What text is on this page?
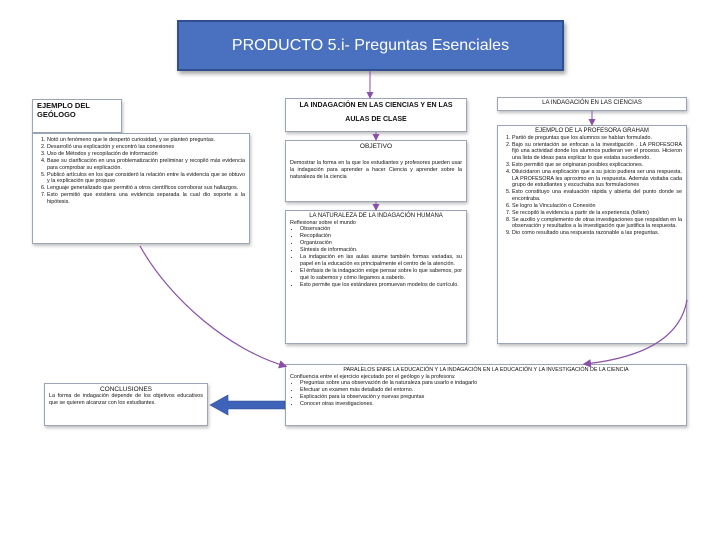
PRODUCTO 5.i- Preguntas Esenciales
EJEMPLO DEL GEÓLOGO
1. Notó un fenómeno que le despertó curiosidad, y se planteó preguntas.
2. Desarrolló una explicación y encontró las conexiones
3. Uso de Métodos y recopilación de información
4. Base su clarificación en una problematización preliminar y recopiló más evidencia para comprobar su explicación.
5. Publicó artículos en los que consideró la relación entre la evidencia que se obtuvo y la explicación que propuso
6. Lenguaje generalizado que permitió a otros científicos corroborar sus hallazgos.
7. Esto permitió que existiera una evidencia separada la cual dio soporte a la hipótesis.
LA INDAGACIÓN EN LAS CIENCIAS Y EN LAS
AULAS DE CLASE
OBJETIVO
Demostrar la forma en la que los estudiantes y profesores pueden usar la indagación para aprender a hacer Ciencia y aprender sobre la naturaleza de la ciencia
LA NATURALEZA DE LA INDAGACIÓN HUMANA
Reflexionar sobre el mundo
• Observación
• Recopilación
• Organización
• Síntesis de información.
• La indagación en las aulas asume también formas variadas, su papel en la educación es principalmente el centro de la atención.
• El énfasis de la indagación exige pensar sobre lo que sabemos, por qué lo sabemos y cómo llegamos a saberlo.
• Esto permite que los estándares promuevan modelos de currículo.
LA INDAGACIÓN EN LAS CIENCIAS
EJEMPLO DE LA PROFESORA GRAHAM
1. Partió de preguntas que los alumnos se habían formulado.
2. Bajo su orientación se enfocan a la investigación . LA PROFESORA fijó una actividad donde los alumnos pudieran ver el proceso. Hicieron una lista de ideas para explicar lo que estaba sucediendo.
3. Esto permitió que se originaran posibles explicaciones.
4. Diluicidaron una explicación que a su juicio pudiera ser una respuesta. LA PROFESORA les aproximo en la respuesta. Además visitaba cada grupo de estudiantes y escuchaba sus formulaciones
5. Esto constituyo una evaluación rápida y abierta del punto donde se encontraba.
6. Se logro la Vinculación o Conexión
7. Se recopiló la evidencia a partir de la experiencia (folleto)
8. Se auxilio y complemento de otras investigaciones que respaldan en la observación y resultados a la investigación que justifica la respuesta.
9. Dio como resultado una respuesta razonable a las preguntas.
PARALELOS ENRE LA EDUCACIÓN Y LA INDAGACIÓN EN LA EDUCACIÓN Y LA INVESTIGACIÓN DE LA CIENCIA
Confluencia entre el ejercicio ejecutado por el geólogo y la profesora:
• Preguntas sobre una observación de la naturaleza para usarlo e indagarlo
• Efectuar un examen más detallado del entorno.
• Explicación para la observación y nuevas preguntas
• Conocer otras investigaciones.
CONCLUSIONES
La forma de indagación depende de los objetivos educativos que se quieren alcanzar con los estudiantes.
